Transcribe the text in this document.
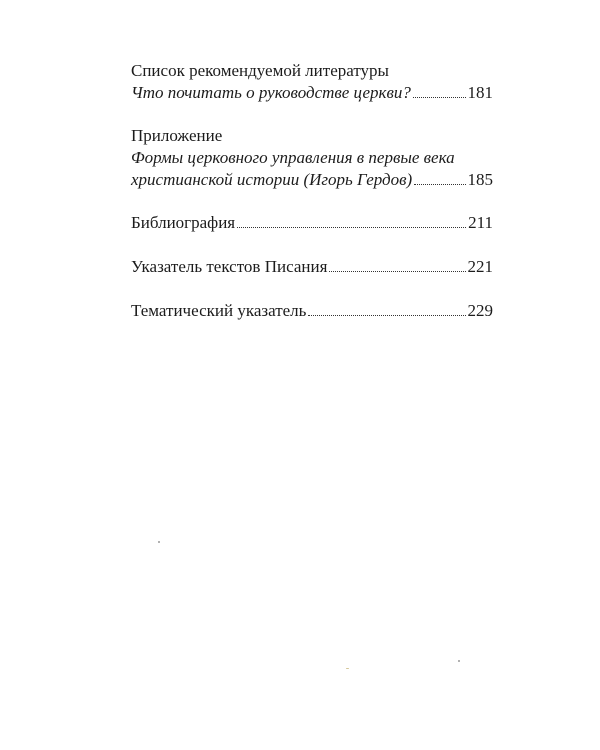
Список рекомендуемой литературы
Что почитать о руководстве церкви?	181
Приложение
Формы церковного управления в первые века
христианской истории (Игорь Гердов)	185
Библиография	211
Указатель текстов Писания	221
Тематический указатель	229
